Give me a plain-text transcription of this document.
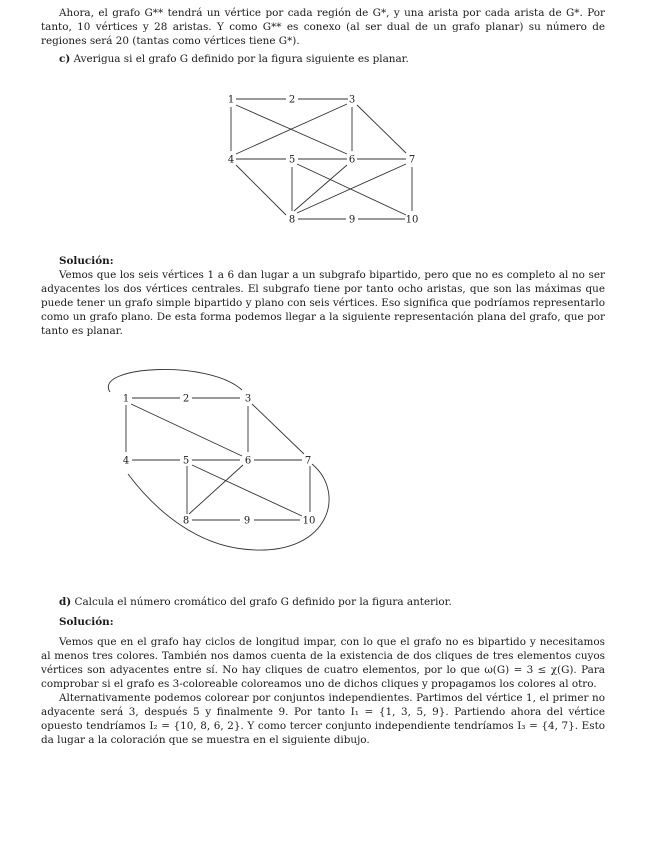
Ahora, el grafo G** tendrá un vértice por cada región de G*, y una arista por cada arista de G*. Por tanto, 10 vértices y 28 aristas. Y como G** es conexo (al ser dual de un grafo planar) su número de regiones será 20 (tantas como vértices tiene G*).

c) Averigua si el grafo G definido por la figura siguiente es planar.

1	2	3
4	5	6	7
8	9	10

Solución:

Vemos que los seis vértices 1 a 6 dan lugar a un subgrafo bipartido, pero que no es completo al no ser adyacentes los dos vértices centrales. El subgrafo tiene por tanto ocho aristas, que son las máximas que puede tener un grafo simple bipartido y plano con seis vértices. Eso significa que podríamos representarlo como un grafo plano. De esta forma podemos llegar a la siguiente representación plana del grafo, que por tanto es planar.

1	2	3
4	5	6	7
8	9	10

d) Calcula el número cromático del grafo G definido por la figura anterior.

Solución:

Vemos que en el grafo hay ciclos de longitud impar, con lo que el grafo no es bipartido y necesitamos al menos tres colores. También nos damos cuenta de la existencia de dos cliques de tres elementos cuyos vértices son adyacentes entre sí. No hay cliques de cuatro elementos, por lo que ω(G) = 3 ≤ χ(G). Para comprobar si el grafo es 3-coloreable coloreamos uno de dichos cliques y propagamos los colores al otro.

Alternativamente podemos colorear por conjuntos independientes. Partimos del vértice 1, el primer no adyacente será 3, después 5 y finalmente 9. Por tanto I₁ = {1, 3, 5, 9}. Partiendo ahora del vértice opuesto tendríamos I₂ = {10, 8, 6, 2}. Y como tercer conjunto independiente tendríamos I₃ = {4, 7}. Esto da lugar a la coloración que se muestra en el siguiente dibujo.
